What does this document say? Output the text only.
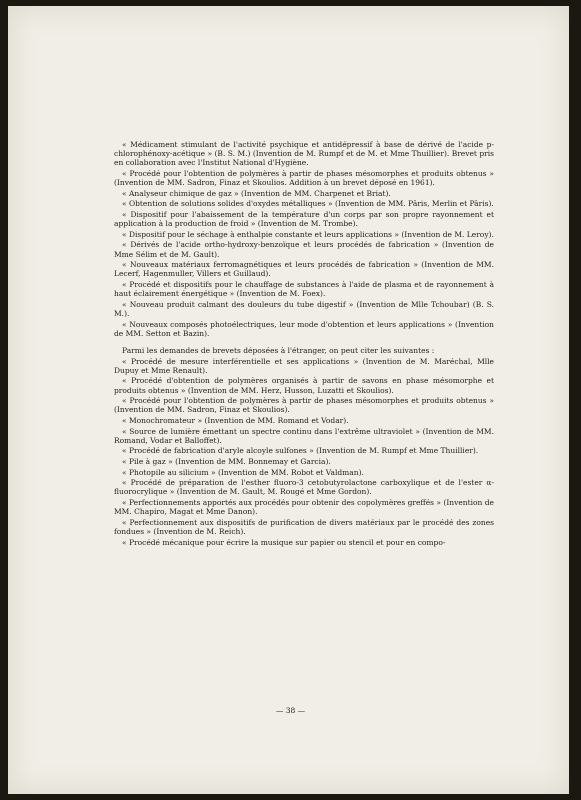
« Médicament stimulant de l'activité psychique et antidépressif à base de dérivé de l'acide p-chlorophénoxy-acétique » (B. S. M.) (Invention de M. Rumpf et de M. et Mme Thuillier). Brevet pris en collaboration avec l'Institut National d'Hygiène.

« Procédé pour l'obtention de polymères à partir de phases mésomorphes et produits obtenus » (Invention de MM. Sadron, Finaz et Skoulios. Addition à un brevet déposé en 1961).

« Analyseur chimique de gaz » (Invention de MM. Charpenet et Briat).

« Obtention de solutions solides d'oxydes métalliques » (Invention de MM. Pâris, Merlin et Pâris).

« Dispositif pour l'abaissement de la température d'un corps par son propre rayonnement et application à la production de froid » (Invention de M. Trombe).

« Dispositif pour le séchage à enthalpie constante et leurs applications » (Invention de M. Leroy).

« Dérivés de l'acide ortho-hydroxy-benzoïque et leurs procédés de fabrication » (Invention de Mme Sélim et de M. Gault).

« Nouveaux matériaux ferromagnétiques et leurs procédés de fabrication » (Invention de MM. Lecerf, Hagenmuller, Villers et Guillaud).

« Procédé et dispositifs pour le chauffage de substances à l'aide de plasma et de rayonnement à haut éclairement énergétique » (Invention de M. Foex).

« Nouveau produit calmant des douleurs du tube digestif » (Invention de Mlle Tchoubar) (B. S. M.).

« Nouveaux composés photoélectriques, leur mode d'obtention et leurs applications » (Invention de MM. Setton et Bazin).

Parmi les demandes de brevets déposées à l'étranger, on peut citer les suivantes :

« Procédé de mesure interférentielle et ses applications » (Invention de M. Maréchal, Mlle Dupuy et Mme Renault).

« Procédé d'obtention de polymères organisés à partir de savons en phase mésomorphe et produits obtenus » (Invention de MM. Herz, Husson, Luzatti et Skoulios).

« Procédé pour l'obtention de polymères à partir de phases mésomorphes et produits obtenus » (Invention de MM. Sadron, Finaz et Skoulios).

« Monochromateur » (Invention de MM. Romand et Vodar).

« Source de lumière émettant un spectre continu dans l'extrême ultraviolet » (Invention de MM. Romand, Vodar et Balloffet).

« Procédé de fabrication d'aryle alcoyle sulfones » (Invention de M. Rumpf et Mme Thuillier).

« Pile à gaz » (Invention de MM. Bonnemay et Garcia).

« Photopile au silicium » (Invention de MM. Robot et Valdman).

« Procédé de préparation de l'esther fluoro-3 cetobutyrolactone carboxylique et de l'ester α-fluorocrylique » (Invention de M. Gault, M. Rougé et Mme Gordon).

« Perfectionnements apportés aux procédés pour obtenir des copolymères greffés » (Invention de MM. Chapiro, Magat et Mme Danon).

« Perfectionnement aux dispositifs de purification de divers matériaux par le procédé des zones fondues » (Invention de M. Reich).

« Procédé mécanique pour écrire la musique sur papier ou stencil et pour en compo-

— 38 —
